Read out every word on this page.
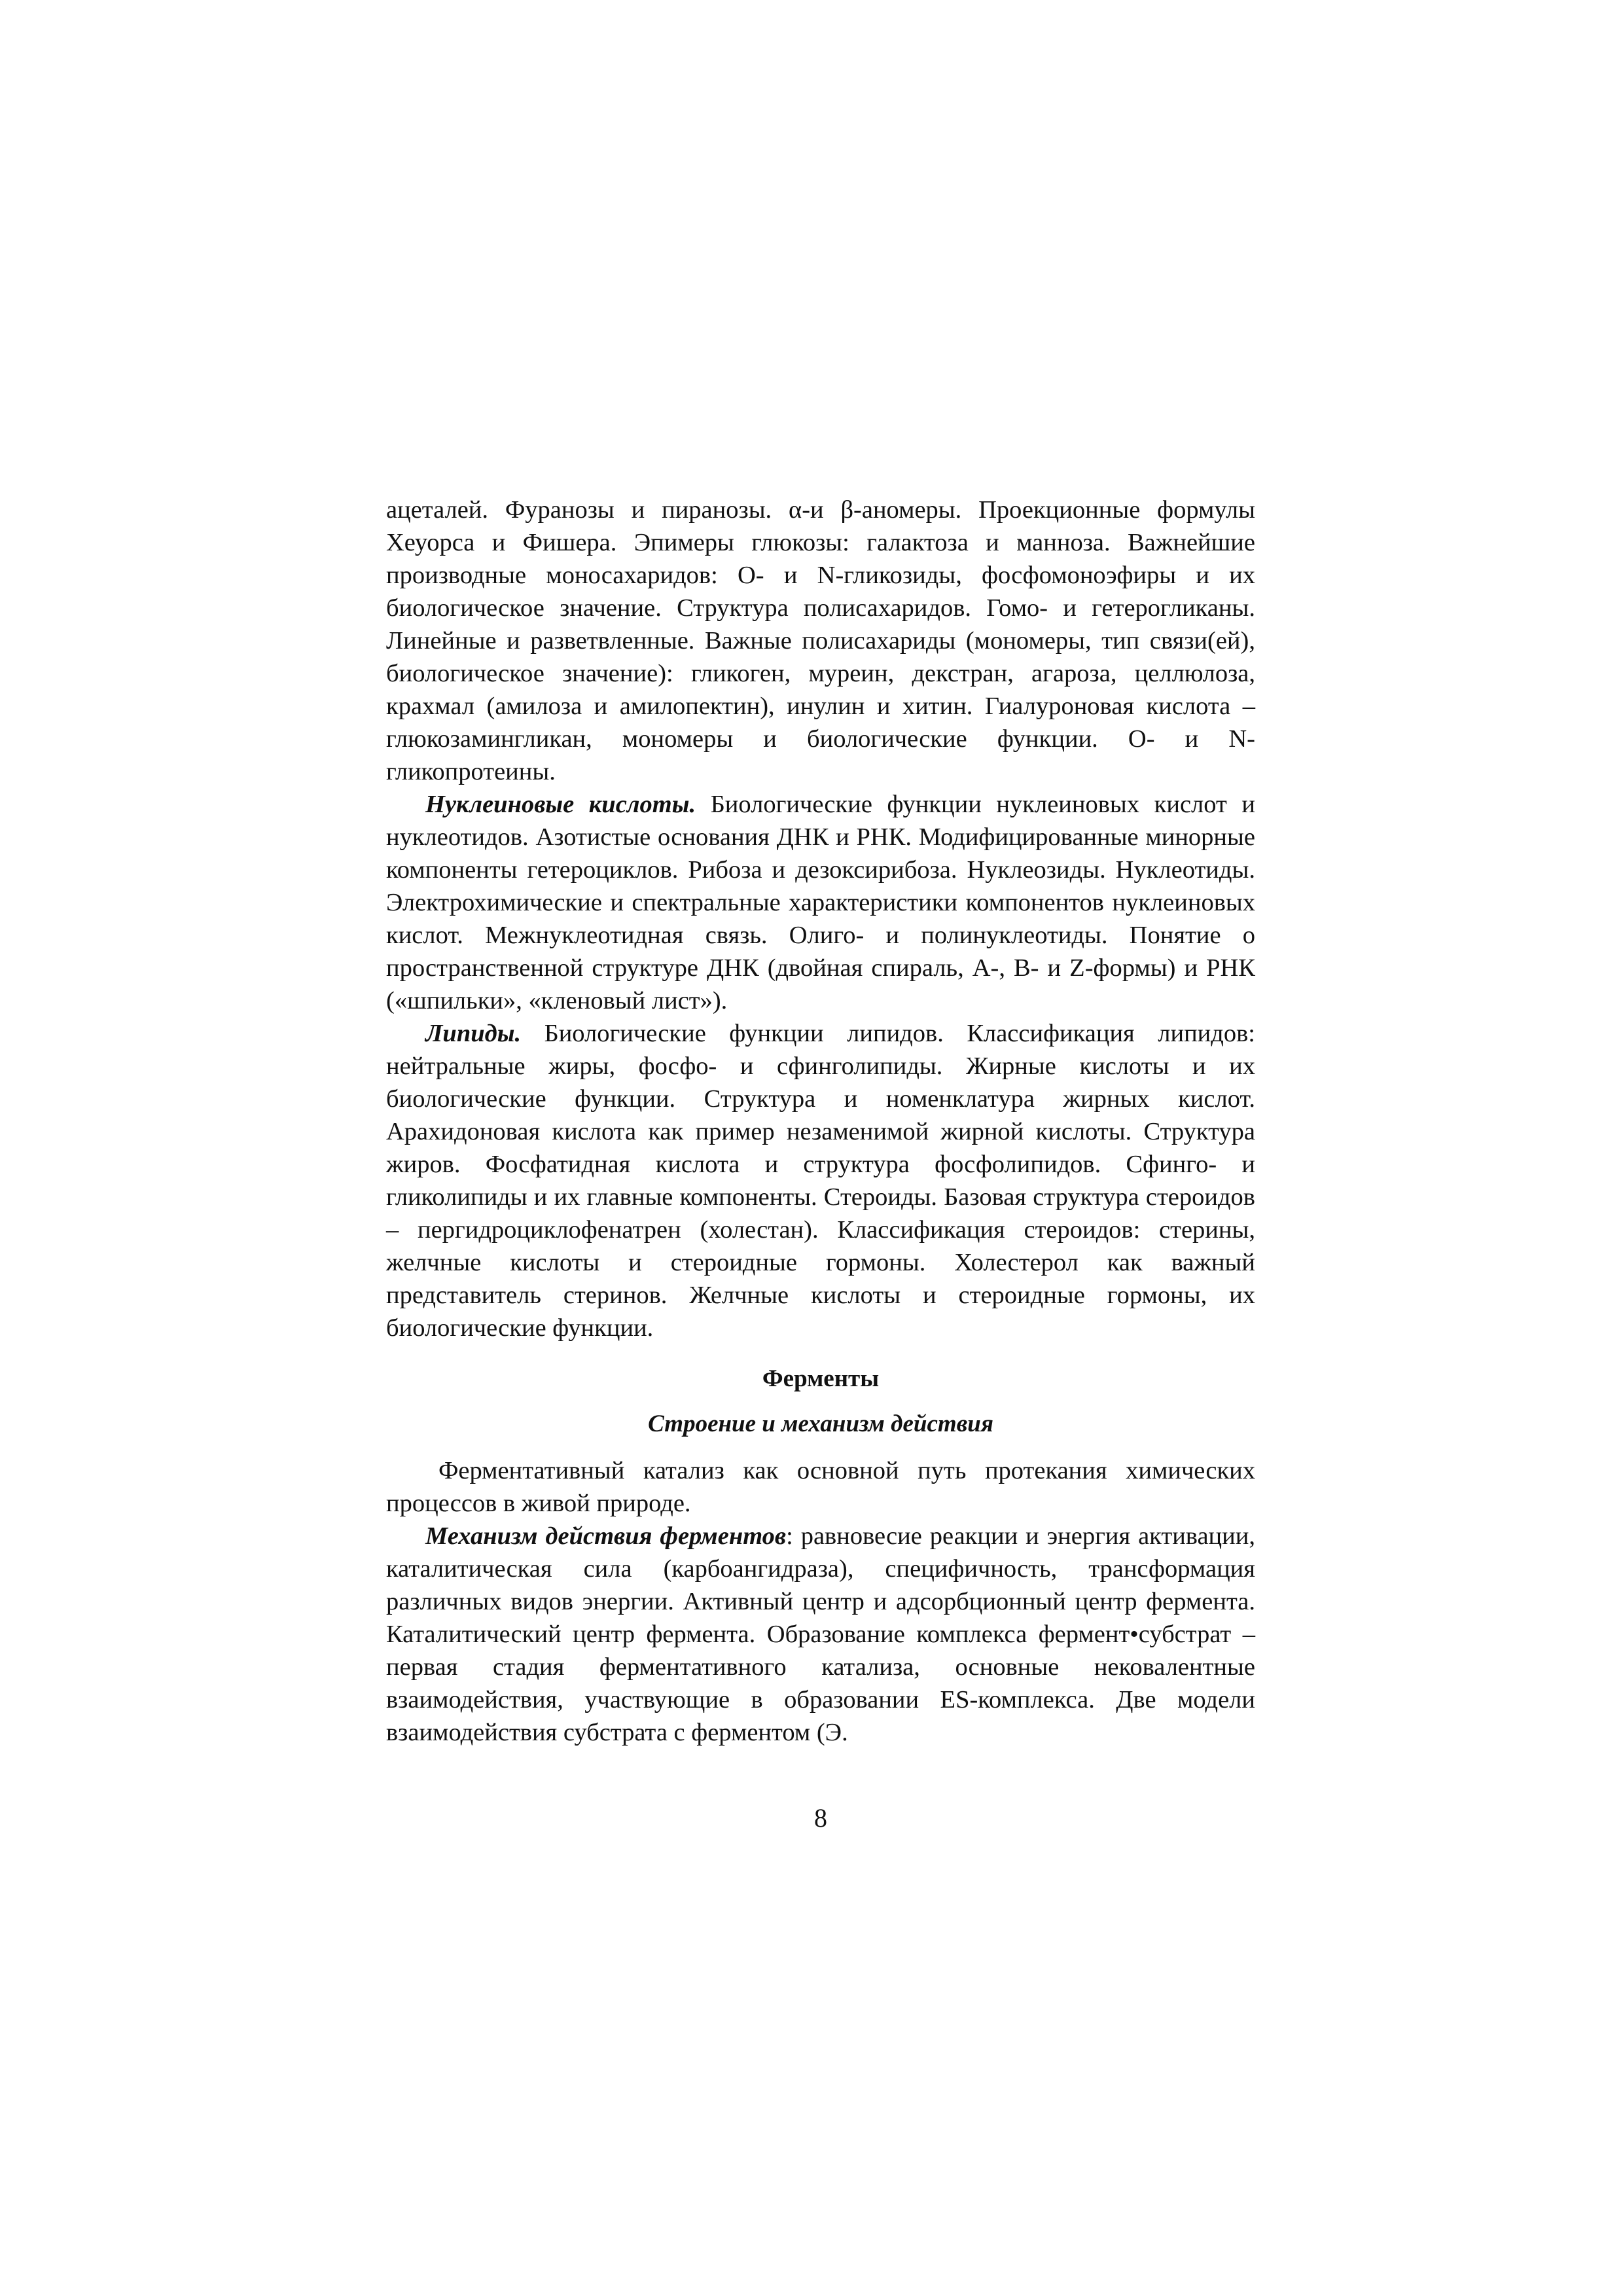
ацеталей. Фуранозы и пиранозы. α-и β-аномеры. Проекционные формулы Хеуорса и Фишера. Эпимеры глюкозы: галактоза и манноза. Важнейшие производные моносахаридов: О- и N-гликозиды, фосфомоноэфиры и их биологическое значение. Структура полисахаридов. Гомо- и гетерогликаны. Линейные и разветвленные. Важные полисахариды (мономеры, тип связи(ей), биологическое значение): гликоген, муреин, декстран, агароза, целлюлоза, крахмал (амилоза и амилопектин), инулин и хитин. Гиалуроновая кислота – глюкозамингликан, мономеры и биологические функции. О- и N-гликопротеины.

Нуклеиновые кислоты. Биологические функции нуклеиновых кислот и нуклеотидов. Азотистые основания ДНК и РНК. Модифицированные минорные компоненты гетероциклов. Рибоза и дезоксирибоза. Нуклеозиды. Нуклеотиды. Электрохимические и спектральные характеристики компонентов нуклеиновых кислот. Межнуклеотидная связь. Олиго- и полинуклеотиды. Понятие о пространственной структуре ДНК (двойная спираль, А-, В- и Z-формы) и РНК («шпильки», «кленовый лист»).

Липиды. Биологические функции липидов. Классификация липидов: нейтральные жиры, фосфо- и сфинголипиды. Жирные кислоты и их биологические функции. Структура и номенклатура жирных кислот. Арахидоновая кислота как пример незаменимой жирной кислоты. Структура жиров. Фосфатидная кислота и структура фосфолипидов. Сфинго- и гликолипиды и их главные компоненты. Стероиды. Базовая структура стероидов – пергидроциклофенатрен (холестан). Классификация стероидов: стерины, желчные кислоты и стероидные гормоны. Холестерол как важный представитель стеринов. Желчные кислоты и стероидные гормоны, их биологические функции.

Ферменты
Строение и механизм действия

Ферментативный катализ как основной путь протекания химических процессов в живой природе.

Механизм действия ферментов: равновесие реакции и энергия активации, каталитическая сила (карбоангидраза), специфичность, трансформация различных видов энергии. Активный центр и адсорбционный центр фермента. Каталитический центр фермента. Образование комплекса фермент•субстрат – первая стадия ферментативного катализа, основные нековалентные взаимодействия, участвующие в образовании ES-комплекса. Две модели взаимодействия субстрата с ферментом (Э.

8
